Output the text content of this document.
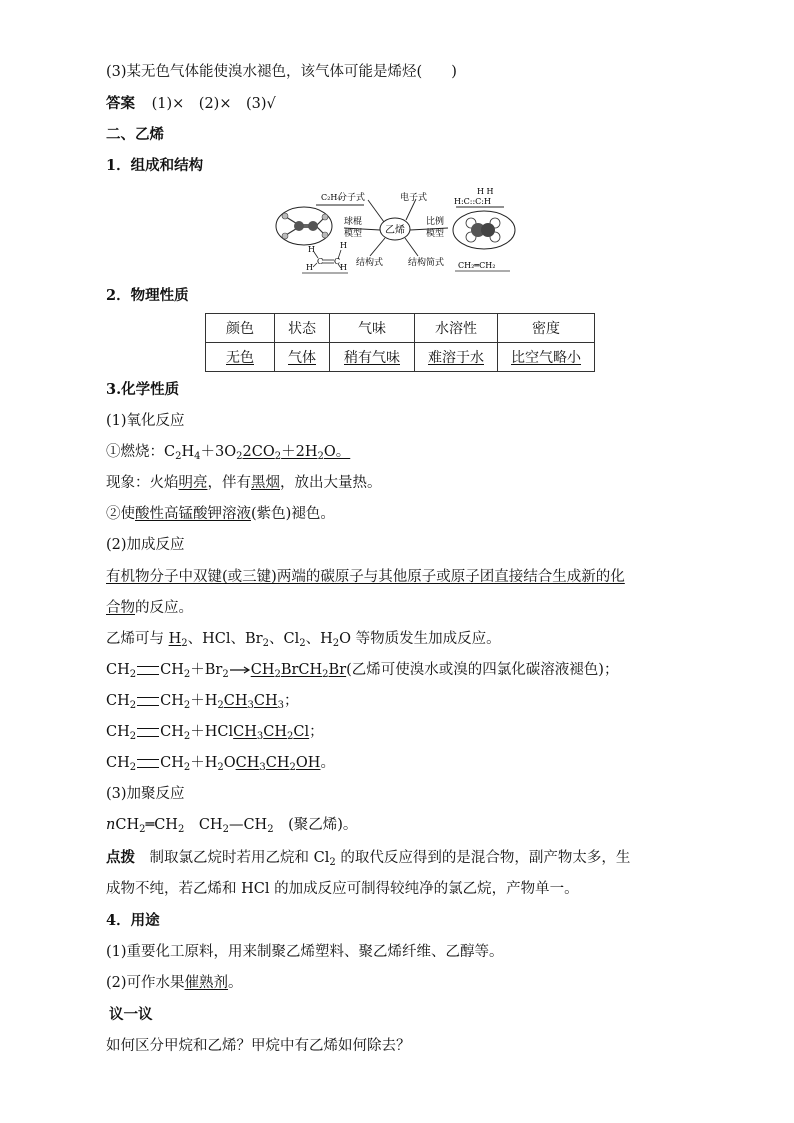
(3)某无色气体能使溴水褪色，该气体可能是烯烃(　　)
答案 (1)×　(2)×　(3)√
二、乙烯
1．组成和结构
乙烯
C₂H₄
分子式	电子式
球棍
模型
比例
模型
结构式	结构简式 CH₂═CH₂
H H
H:C::C:H
H
H
H
H
C C
2．物理性质
颜色	状态	气味	水溶性	密度
无色	气体	稍有气味	难溶于水	比空气略小
3.化学性质
(1)氧化反应
①燃烧：$C_2H_4+3O_22CO_2+2H_2O$。
现象：火焰明亮，伴有黑烟，放出大量热。
②使酸性高锰酸钾溶液(紫色)褪色。
(2)加成反应
有机物分子中双键(或三键)两端的碳原子与其他原子或原子团直接结合生成新的化
合物的反应。
乙烯可与 $H_2$、HCl、$Br_2$、$Cl_2$、$H_2O$ 等物质发生加成反应。
$CH_2$ $CH_2+Br_2$ $CH_2BrCH_2Br$(乙烯可使溴水或溴的四氯化碳溶液褪色)；
$CH_2$ $CH_2+H_2CH_3CH_3$；
$CH_2$ $CH_2+HClCH_3CH_2Cl$；
$CH_2$ $CH_2+H_2OCH_3CH_2OH$。
(3)加聚反应
$nCH_2═CH_2$　$CH_2—CH_2$　(聚乙烯)。
点拨　制取氯乙烷时若用乙烷和 $Cl_2$ 的取代反应得到的是混合物，副产物太多，生
成物不纯，若乙烯和 HCl 的加成反应可制得较纯净的氯乙烷，产物单一。
4．用途
(1)重要化工原料，用来制聚乙烯塑料、聚乙烯纤维、乙醇等。
(2)可作水果催熟剂。
议一议
如何区分甲烷和乙烯？甲烷中有乙烯如何除去？
